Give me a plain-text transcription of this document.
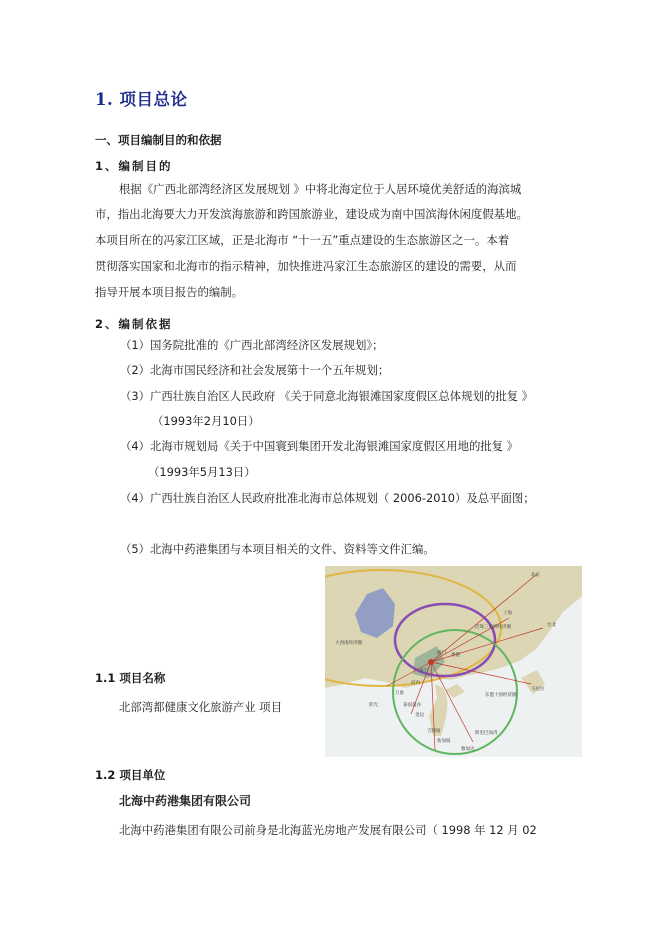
1. 项目总论
一、项目编制目的和依据
1、编制目的
根据《广西北部湾经济区发展规划 》中将北海定位于人居环境优美舒适的海滨城
市，指出北海要大力开发滨海旅游和跨国旅游业，建设成为南中国滨海休闲度假基地。
本项目所在的冯家江区域，正是北海市 “十一五”重点建设的生态旅游区之一。本着
贯彻落实国家和北海市的指示精神，加快推进冯家江生态旅游区的建设的需要，从而
指导开展本项目报告的编制。
2、编制依据
（1）国务院批准的《广西北部湾经济区发展规划》；
（2）北海市国民经济和社会发展第十一个五年规划；
（3）广西壮族自治区人民政府 《关于同意北海银滩国家度假区总体规划的批复 》
（1993年2月10日）
（4）北海市规划局《关于中国寰到集团开发北海银滩国家度假区用地的批复 》
（1993年5月13日）
（4）广西壮族自治区人民政府批准北海市总体规划（ 2006-2010）及总平面图；
（5）北海中药港集团与本项目相关的文件、资料等文件汇编。
1.1 项目名称
北部湾都健康文化旅游产业 项目
1.2 项目单位
北海中药港集团有限公司
北海中药港集团有限公司前身是北海蓝光房地产发展有限公司（ 1998 年 12 月 02
大西南经济圈
泛珠三角洲经济圈
东盟十国经济圈
北京
上海
台北
香港
澳门
南宁
河内
马尼拉
泰国曼谷
金边
吉隆坡
新加坡
雅加达
斯里巴加湾
仰光
万象
